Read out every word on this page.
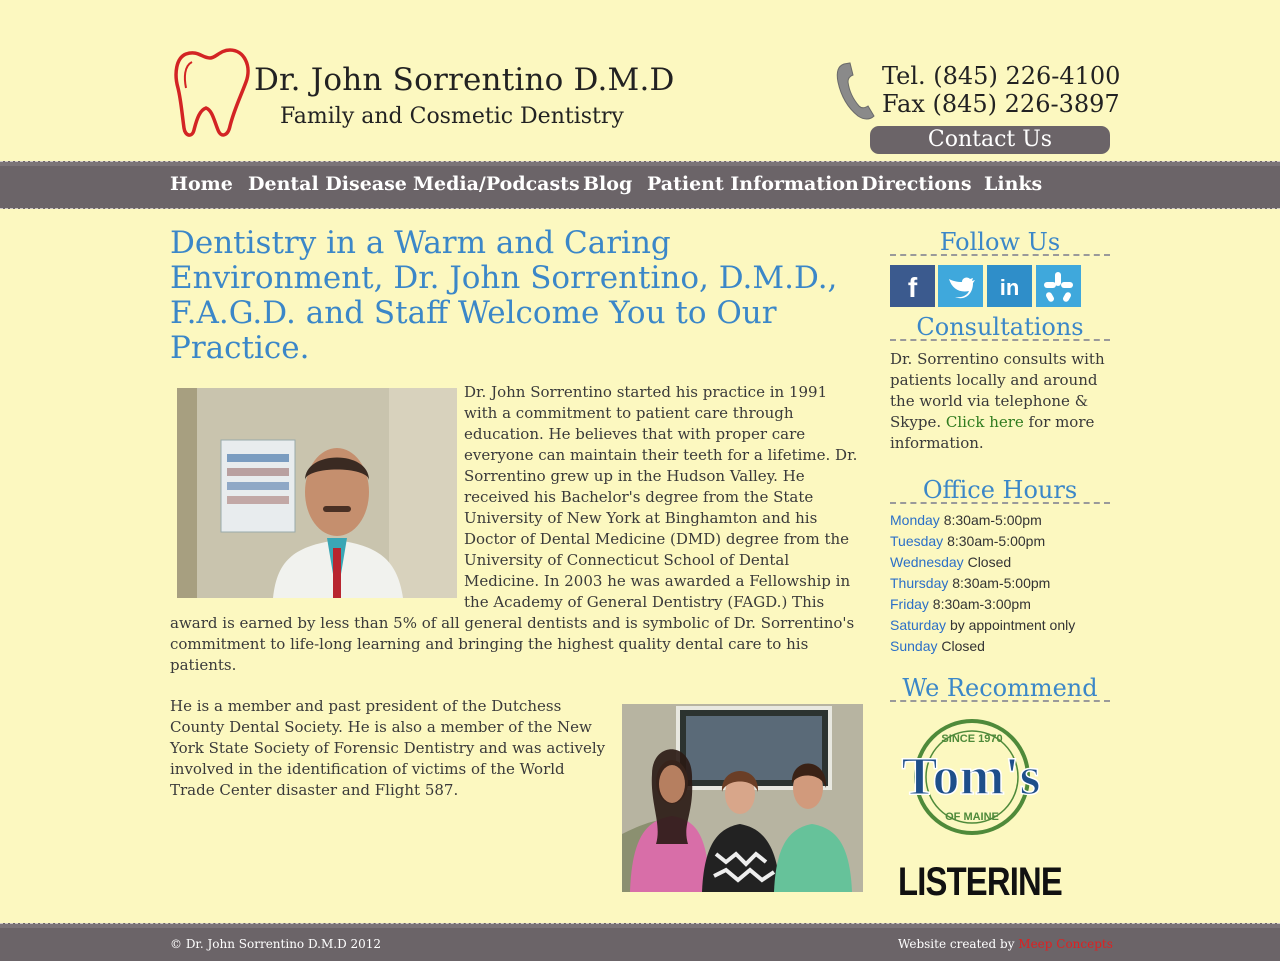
Dr. John Sorrentino D.M.D
Family and Cosmetic Dentistry
Tel. (845) 226-4100
Fax (845) 226-3897
Contact Us
Home Dental Disease Media/Podcasts Blog Patient Information Directions Links
Dentistry in a Warm and Caring Environment, Dr. John Sorrentino, D.M.D., F.A.G.D. and Staff Welcome You to Our Practice.
Dr. John Sorrentino started his practice in 1991 with a commitment to patient care through education. He believes that with proper care everyone can maintain their teeth for a lifetime. Dr. Sorrentino grew up in the Hudson Valley. He received his Bachelor's degree from the State University of New York at Binghamton and his Doctor of Dental Medicine (DMD) degree from the University of Connecticut School of Dental Medicine. In 2003 he was awarded a Fellowship in the Academy of General Dentistry (FAGD.) This award is earned by less than 5% of all general dentists and is symbolic of Dr. Sorrentino's commitment to life-long learning and bringing the highest quality dental care to his patients.
He is a member and past president of the Dutchess County Dental Society. He is also a member of the New York State Society of Forensic Dentistry and was actively involved in the identification of victims of the World Trade Center disaster and Flight 587.
Follow Us
f	in
Consultations
Dr. Sorrentino consults with patients locally and around the world via telephone & Skype. Click here for more information.
Office Hours
Monday 8:30am-5:00pm
Tuesday 8:30am-5:00pm
Wednesday Closed
Thursday 8:30am-5:00pm
Friday 8:30am-3:00pm
Saturday by appointment only
Sunday Closed
We Recommend
SINCE 1970
Tom's
OF MAINE
LISTERINE
© Dr. John Sorrentino D.M.D 2012	Website created by Meep Concepts
